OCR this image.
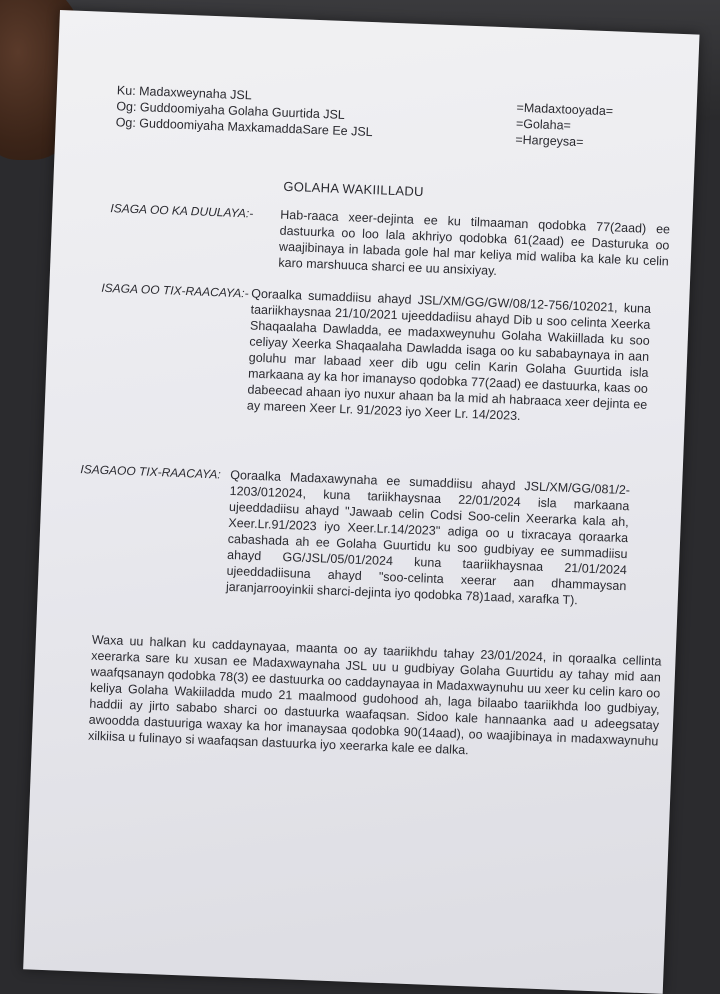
Ku: Madaxweynaha JSL
Og: Guddoomiyaha Golaha Guurtida JSL
Og: Guddoomiyaha MaxkamaddaSare Ee JSL
=Madaxtooyada=
=Golaha=
=Hargeysa=
GOLAHA WAKIILLADU
ISAGA OO KA DUULAYA:- Hab-raaca xeer-dejinta ee ku tilmaaman qodobka 77(2aad) ee dastuurka oo loo lala akhriyo qodobka 61(2aad) ee Dasturuka oo waajibinaya in labada gole hal mar keliya mid waliba ka kale ku celin karo marshuuca sharci ee uu ansixiyay.
ISAGA OO TIX-RAACAYA:- Qoraalka sumaddiisu ahayd JSL/XM/GG/GW/08/12-756/102021, kuna taariikhaysnaa 21/10/2021 ujeeddadiisu ahayd Dib u soo celinta Xeerka Shaqaalaha Dawladda, ee madaxweynuhu Golaha Wakiillada ku soo celiyay Xeerka Shaqaalaha Dawladda isaga oo ku sababaynaya in aan goluhu mar labaad xeer dib ugu celin Karin Golaha Guurtida isla markaana ay ka hor imanayso qodobka 77(2aad) ee dastuurka, kaas oo dabeecad ahaan iyo nuxur ahaan ba la mid ah habraaca xeer dejinta ee ay mareen Xeer Lr. 91/2023 iyo Xeer Lr. 14/2023.
ISAGAOO TIX-RAACAYA: Qoraalka Madaxawynaha ee sumaddiisu ahayd JSL/XM/GG/081/2-1203/012024, kuna tariikhaysnaa 22/01/2024 isla markaana ujeeddadiisu ahayd "Jawaab celin Codsi Soo-celin Xeerarka kala ah, Xeer.Lr.91/2023 iyo Xeer.Lr.14/2023" adiga oo u tixracaya qoraarka cabashada ah ee Golaha Guurtidu ku soo gudbiyay ee summadiisu ahayd GG/JSL/05/01/2024 kuna taariikhaysnaa 21/01/2024 ujeeddadiisuna ahayd "soo-celinta xeerar aan dhammaysan jaranjarrooyinkii sharci-dejinta iyo qodobka 78)1aad, xarafka T).
Waxa uu halkan ku caddaynayaa, maanta oo ay taariikhdu tahay 23/01/2024, in qoraalka cellinta xeerarka sare ku xusan ee Madaxwaynaha JSL uu u gudbiyay Golaha Guurtidu ay tahay mid aan waafqsanayn qodobka 78(3) ee dastuurka oo caddaynayaa in Madaxwaynuhu uu xeer ku celin karo oo keliya Golaha Wakiiladda mudo 21 maalmood gudohood ah, laga bilaabo taariikhda loo gudbiyay, haddii ay jirto sababo sharci oo dastuurka waafaqsan. Sidoo kale hannaanka aad u adeegsatay awoodda dastuuriga waxay ka hor imanaysaa qodobka 90(14aad), oo waajibinaya in madaxwaynuhu xilkiisa u fulinayo si waafaqsan dastuurka iyo xeerarka kale ee dalka.
